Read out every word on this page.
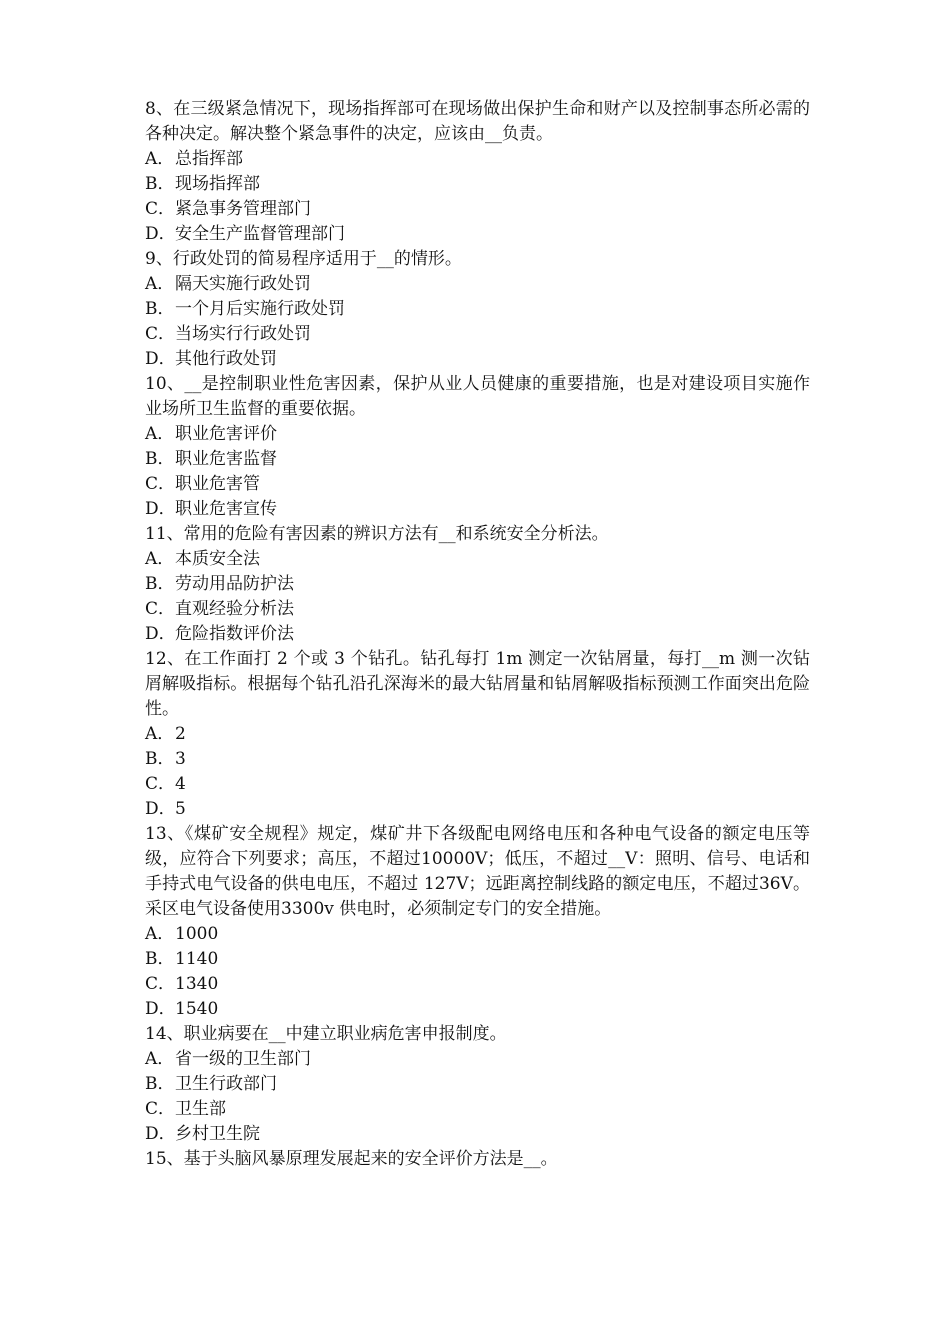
8、在三级紧急情况下，现场指挥部可在现场做出保护生命和财产以及控制事态所必需的各种决定。解决整个紧急事件的决定，应该由__负责。

A．总指挥部

B．现场指挥部

C．紧急事务管理部门

D．安全生产监督管理部门

9、行政处罚的简易程序适用于__的情形。

A．隔天实施行政处罚

B．一个月后实施行政处罚

C．当场实行行政处罚

D．其他行政处罚

10、__是控制职业性危害因素，保护从业人员健康的重要措施，也是对建设项目实施作业场所卫生监督的重要依据。

A．职业危害评价

B．职业危害监督

C．职业危害管

D．职业危害宣传

11、常用的危险有害因素的辨识方法有__和系统安全分析法。

A．本质安全法

B．劳动用品防护法

C．直观经验分析法

D．危险指数评价法

12、在工作面打 2 个或 3 个钻孔。钻孔每打 1m 测定一次钻屑量，每打__m 测一次钻屑解吸指标。根据每个钻孔沿孔深海米的最大钻屑量和钻屑解吸指标预测工作面突出危险性。

A．2

B．3

C．4

D．5

13、《煤矿安全规程》规定，煤矿井下各级配电网络电压和各种电气设备的额定电压等级，应符合下列要求；高压，不超过10000V；低压，不超过__V：照明、信号、电话和手持式电气设备的供电电压，不超过 127V；远距离控制线路的额定电压，不超过36V。采区电气设备使用3300v 供电时，必须制定专门的安全措施。

A．1000

B．1140

C．1340

D．1540

14、职业病要在__中建立职业病危害申报制度。

A．省一级的卫生部门

B．卫生行政部门

C．卫生部

D．乡村卫生院

15、基于头脑风暴原理发展起来的安全评价方法是__。
